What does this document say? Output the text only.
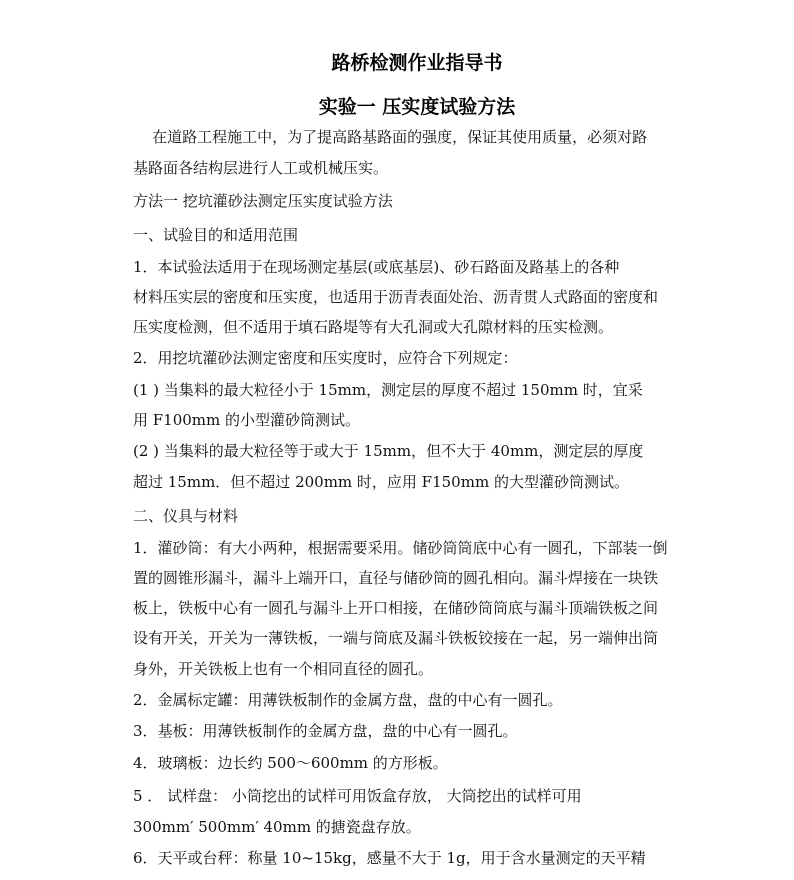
路桥检测作业指导书
实验一 压实度试验方法
在道路工程施工中，为了提高路基路面的强度，保证其使用质量，必须对路
基路面各结构层进行人工或机械压实。
方法一 挖坑灌砂法测定压实度试验方法
一、试验目的和适用范围
1．本试验法适用于在现场测定基层(或底基层)、砂石路面及路基上的各种
材料压实层的密度和压实度，也适用于沥青表面处治、沥青贯人式路面的密度和
压实度检测，但不适用于填石路堤等有大孔洞或大孔隙材料的压实检测。
2．用挖坑灌砂法测定密度和压实度时，应符合下列规定：
(1 ) 当集料的最大粒径小于 15mm，测定层的厚度不超过 150mm 时，宜采
用 F100mm 的小型灌砂筒测试。
(2 ) 当集料的最大粒径等于或大于 15mm，但不大于 40mm，测定层的厚度
超过 15mm．但不超过 200mm 时，应用 F150mm 的大型灌砂筒测试。
二、仪具与材料
1．灌砂筒：有大小两种，根据需要采用。储砂筒筒底中心有一圆孔，下部装一倒
置的圆锥形漏斗，漏斗上端开口，直径与储砂筒的圆孔相向。漏斗焊接在一块铁
板上，铁板中心有一圆孔与漏斗上开口相接，在储砂筒筒底与漏斗顶端铁板之间
设有开关，开关为一薄铁板，一端与筒底及漏斗铁板铰接在一起，另一端伸出筒
身外，开关铁板上也有一个相同直径的圆孔。
2．金属标定罐：用薄铁板制作的金属方盘，盘的中心有一圆孔。
3．基板：用薄铁板制作的金属方盘，盘的中心有一圆孔。
4．玻璃板：边长约 500～600mm 的方形板。
5 ． 试样盘： 小筒挖出的试样可用饭盒存放， 大筒挖出的试样可用
300mm′ 500mm′ 40mm 的搪瓷盘存放。
6．天平或台秤：称量 10~15kg，感量不大于 1g，用于含水量测定的天平精
